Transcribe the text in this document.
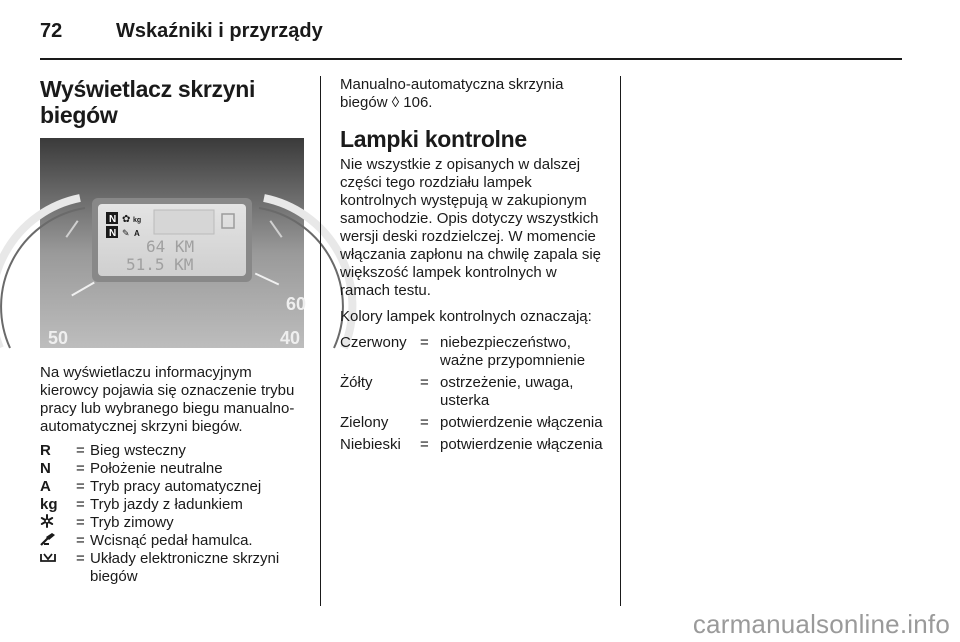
72	Wskaźniki i przyrządy
Wyświetlacz skrzyni biegów
N
N
✿ kg
✎ A
64 KM
51.5 KM
50
60
40

Na wyświetlaczu informacyjnym kierowcy pojawia się oznaczenie trybu pracy lub wybranego biegu manualno-automatycznej skrzyni biegów.

R	= Bieg wsteczny
N	= Położenie neutralne
A	= Tryb pracy automatycznej
kg	= Tryb jazdy z ładunkiem
= Tryb zimowy
= Wcisnąć pedał hamulca.
= Układy elektroniczne skrzyni biegów

Manualno-automatyczna skrzynia biegów ◊ 106.

Lampki kontrolne

Nie wszystkie z opisanych w dalszej części tego rozdziału lampek kontrolnych występują w zakupionym samochodzie. Opis dotyczy wszystkich wersji deski rozdzielczej. W momencie włączania zapłonu na chwilę zapala się większość lampek kontrolnych w ramach testu.

Kolory lampek kontrolnych oznaczają:

Czerwony = niebezpieczeństwo, ważne przypomnienie
Żółty	= ostrzeżenie, uwaga, usterka
Zielony	= potwierdzenie włączenia
Niebieski	= potwierdzenie włączenia
carmanualsonline.info
